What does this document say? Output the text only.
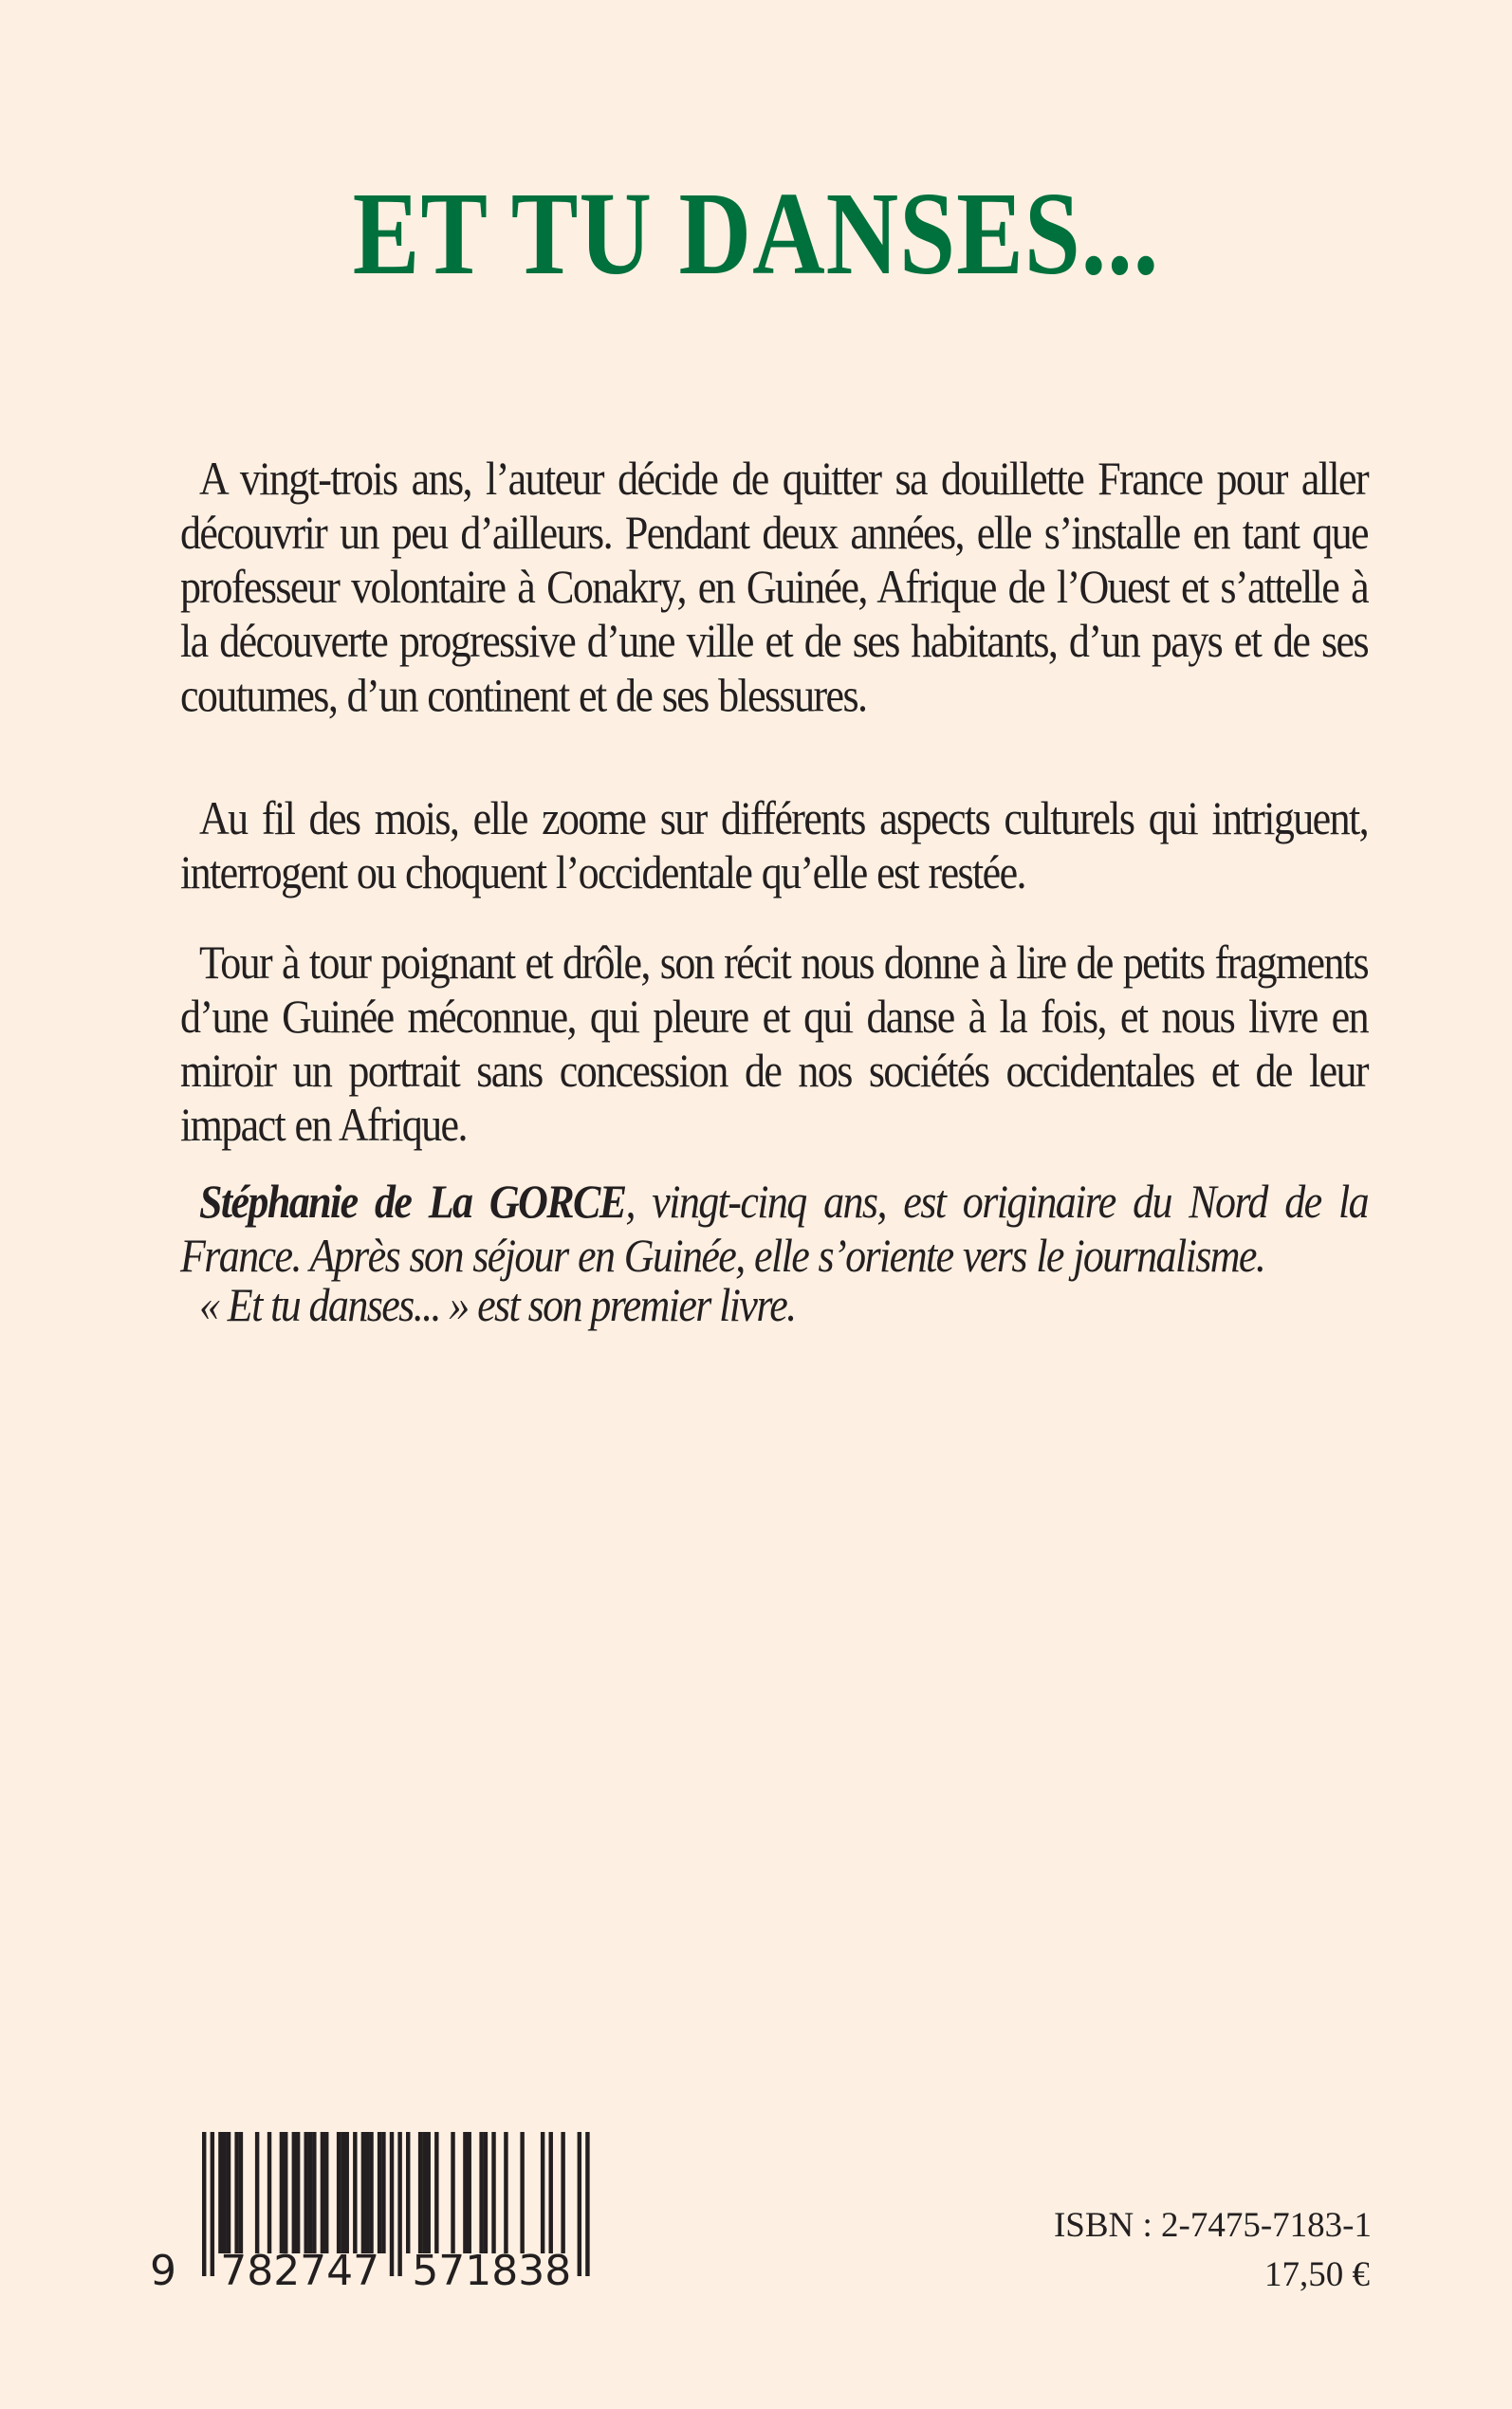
ET TU DANSES...

A vingt-trois ans, l’auteur décide de quitter sa douillette France pour aller découvrir un peu d’ailleurs. Pendant deux années, elle s’installe en tant que professeur volontaire à Conakry, en Guinée, Afrique de l’Ouest et s’attelle à la découverte progressive d’une ville et de ses habitants, d’un pays et de ses coutumes, d’un continent et de ses blessures.

Au fil des mois, elle zoome sur différents aspects culturels qui intriguent, interrogent ou choquent l’occidentale qu’elle est restée.

Tour à tour poignant et drôle, son récit nous donne à lire de petits fragments d’une Guinée méconnue, qui pleure et qui danse à la fois, et nous livre en miroir un portrait sans concession de nos sociétés occidentales et de leur impact en Afrique.

Stéphanie de La GORCE, vingt-cinq ans, est originaire du Nord de la France. Après son séjour en Guinée, elle s’oriente vers le journalisme.

« Et tu danses... » est son premier livre.

9 782747 571838

ISBN : 2-7475-7183-1

17,50 €
